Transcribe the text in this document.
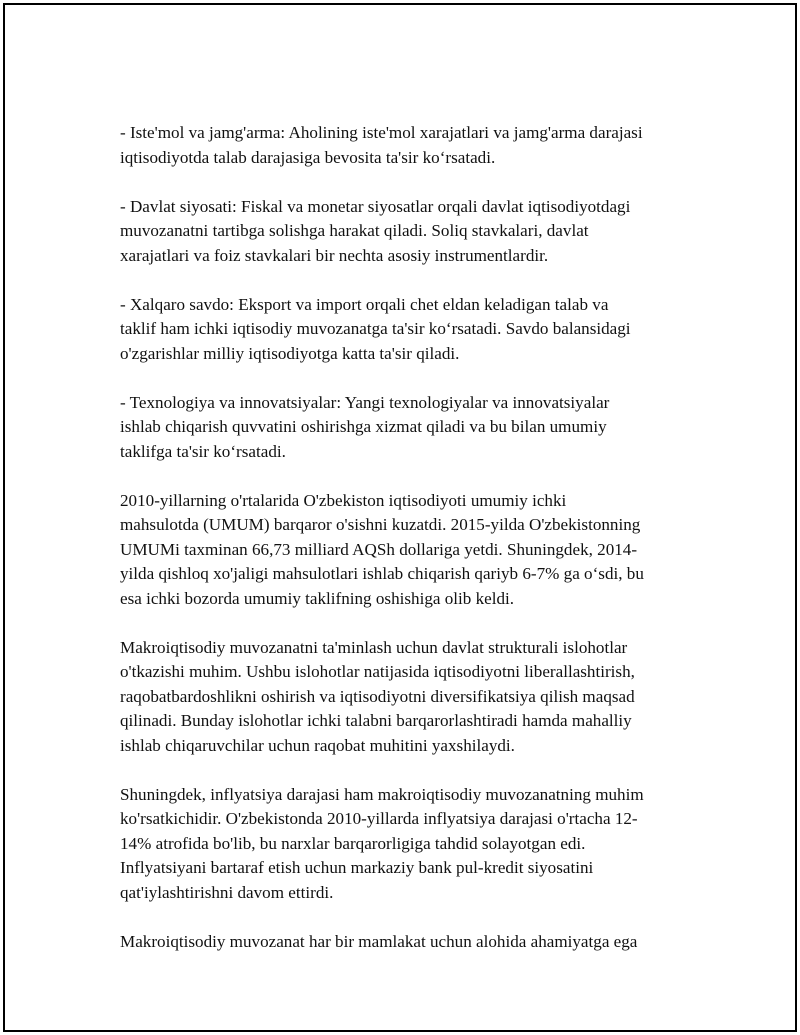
- Iste'mol va jamg'arma: Aholining iste'mol xarajatlari va jamg'arma darajasi
iqtisodiyotda talab darajasiga bevosita ta'sir koʻrsatadi.

- Davlat siyosati: Fiskal va monetar siyosatlar orqali davlat iqtisodiyotdagi
muvozanatni tartibga solishga harakat qiladi. Soliq stavkalari, davlat
xarajatlari va foiz stavkalari bir nechta asosiy instrumentlardir.

- Xalqaro savdo: Eksport va import orqali chet eldan keladigan talab va
taklif ham ichki iqtisodiy muvozanatga ta'sir koʻrsatadi. Savdo balansidagi
o'zgarishlar milliy iqtisodiyotga katta ta'sir qiladi.

- Texnologiya va innovatsiyalar: Yangi texnologiyalar va innovatsiyalar
ishlab chiqarish quvvatini oshirishga xizmat qiladi va bu bilan umumiy
taklifga ta'sir koʻrsatadi.

2010-yillarning o'rtalarida O'zbekiston iqtisodiyoti umumiy ichki
mahsulotda (UMUM) barqaror o'sishni kuzatdi. 2015-yilda O'zbekistonning
UMUMi taxminan 66,73 milliard AQSh dollariga yetdi. Shuningdek, 2014-
yilda qishloq xo'jaligi mahsulotlari ishlab chiqarish qariyb 6-7% ga oʻsdi, bu
esa ichki bozorda umumiy taklifning oshishiga olib keldi.

Makroiqtisodiy muvozanatni ta'minlash uchun davlat strukturali islohotlar
o'tkazishi muhim. Ushbu islohotlar natijasida iqtisodiyotni liberallashtirish,
raqobatbardoshlikni oshirish va iqtisodiyotni diversifikatsiya qilish maqsad
qilinadi. Bunday islohotlar ichki talabni barqarorlashtiradi hamda mahalliy
ishlab chiqaruvchilar uchun raqobat muhitini yaxshilaydi.

Shuningdek, inflyatsiya darajasi ham makroiqtisodiy muvozanatning muhim
ko'rsatkichidir. O'zbekistonda 2010-yillarda inflyatsiya darajasi o'rtacha 12-
14% atrofida bo'lib, bu narxlar barqarorligiga tahdid solayotgan edi.
Inflyatsiyani bartaraf etish uchun markaziy bank pul-kredit siyosatini
qat'iylashtirishni davom ettirdi.

Makroiqtisodiy muvozanat har bir mamlakat uchun alohida ahamiyatga ega
